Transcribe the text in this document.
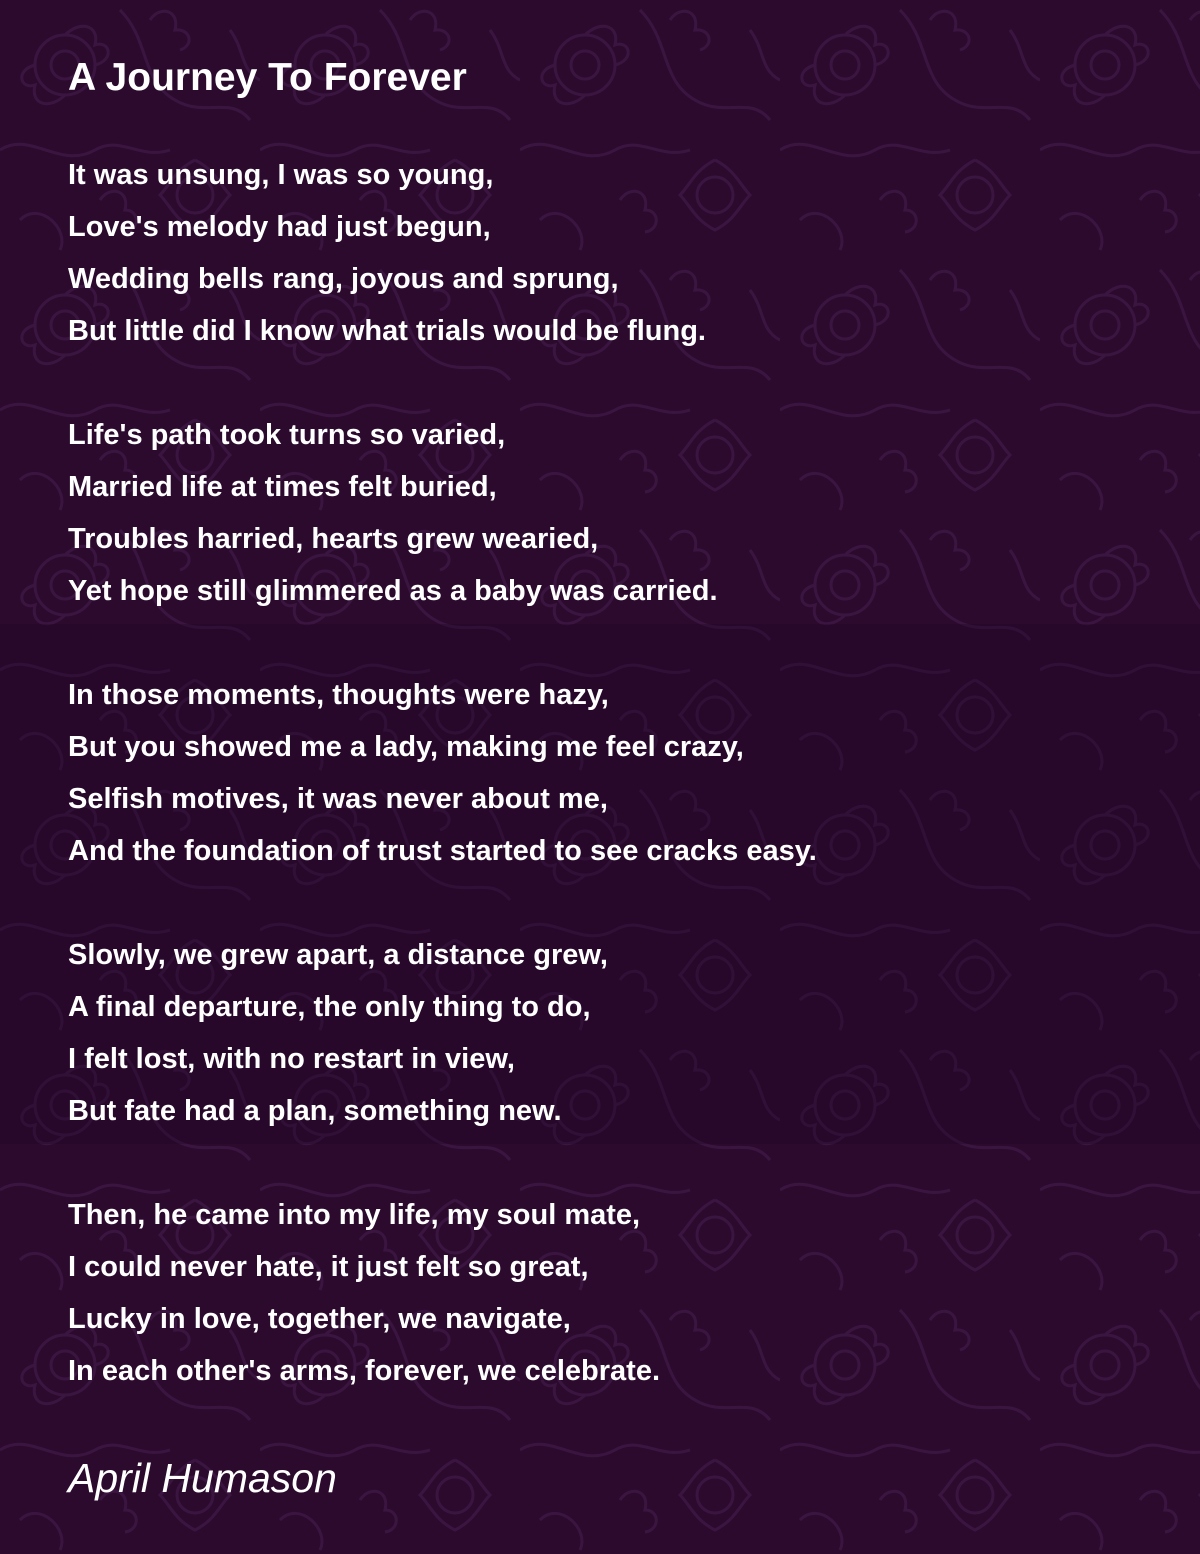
A Journey To Forever
It was unsung, I was so young,
Love's melody had just begun,
Wedding bells rang, joyous and sprung,
But little did I know what trials would be flung.
Life's path took turns so varied,
Married life at times felt buried,
Troubles harried, hearts grew wearied,
Yet hope still glimmered as a baby was carried.
In those moments, thoughts were hazy,
But you showed me a lady, making me feel crazy,
Selfish motives, it was never about me,
And the foundation of trust started to see cracks easy.
Slowly, we grew apart, a distance grew,
A final departure, the only thing to do,
I felt lost, with no restart in view,
But fate had a plan, something new.
Then, he came into my life, my soul mate,
I could never hate, it just felt so great,
Lucky in love, together, we navigate,
In each other's arms, forever, we celebrate.

April Humason
